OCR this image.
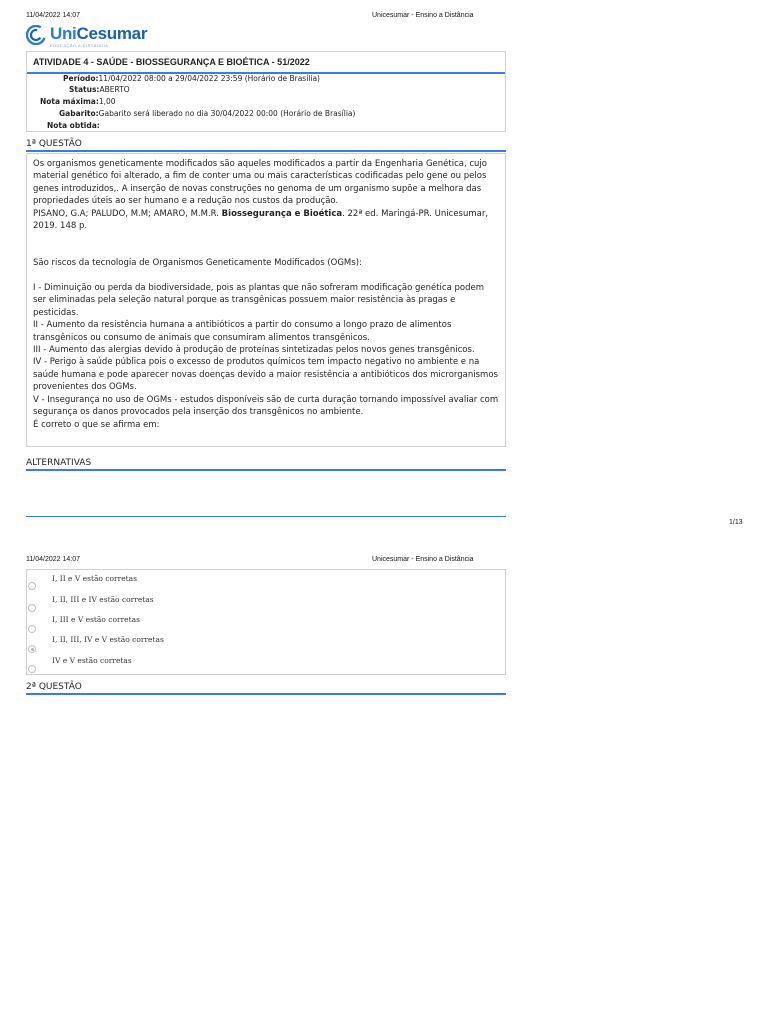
11/04/2022 14:07	Unicesumar - Ensino a Distância
UniCesumar
EDUCAÇÃO A DISTÂNCIA
ATIVIDADE 4 - SAÚDE - BIOSSEGURANÇA E BIOÉTICA - 51/2022
Período:11/04/2022 08:00 a 29/04/2022 23:59 (Horário de Brasília)
Status:ABERTO
Nota máxima:1,00
Gabarito:Gabarito será liberado no dia 30/04/2022 00:00 (Horário de Brasília)
Nota obtida:
1ª QUESTÃO

Os organismos geneticamente modificados são aqueles modificados a partir da Engenharia Genética, cujo material genético foi alterado, a fim de conter uma ou mais características codificadas pelo gene ou pelos genes introduzidos,. A inserção de novas construções no genoma de um organismo supõe a melhora das propriedades úteis ao ser humano e a redução nos custos da produção.

PISANO, G.A; PALUDO, M.M; AMARO, M.M.R. Biossegurança e Bioética. 22ª ed. Maringá-PR. Unicesumar, 2019. 148 p.

São riscos da tecnologia de Organismos Geneticamente Modificados (OGMs):

I - Diminuição ou perda da biodiversidade, pois as plantas que não sofreram modificação genética podem ser eliminadas pela seleção natural porque as transgênicas possuem maior resistência às pragas e pesticidas.

II - Aumento da resistência humana a antibióticos a partir do consumo a longo prazo de alimentos transgênicos ou consumo de animais que consumiram alimentos transgênicos.

III - Aumento das alergias devido à produção de proteínas sintetizadas pelos novos genes transgênicos.

IV - Perigo à saúde pública pois o excesso de produtos químicos tem impacto negativo no ambiente e na saúde humana e pode aparecer novas doenças devido a maior resistência a antibióticos dos microrganismos provenientes dos OGMs.

V - Insegurança no uso de OGMs - estudos disponíveis são de curta duração tornando impossível avaliar com segurança os danos provocados pela inserção dos transgênicos no ambiente.

É correto o que se afirma em:

ALTERNATIVAS
1/13
11/04/2022 14:07	Unicesumar - Ensino a Distância
I, II e V estão corretas
I, II, III e IV estão corretas
I, III e V estão corretas
I, II, III, IV e V estão corretas
IV e V estão corretas
2ª QUESTÃO
